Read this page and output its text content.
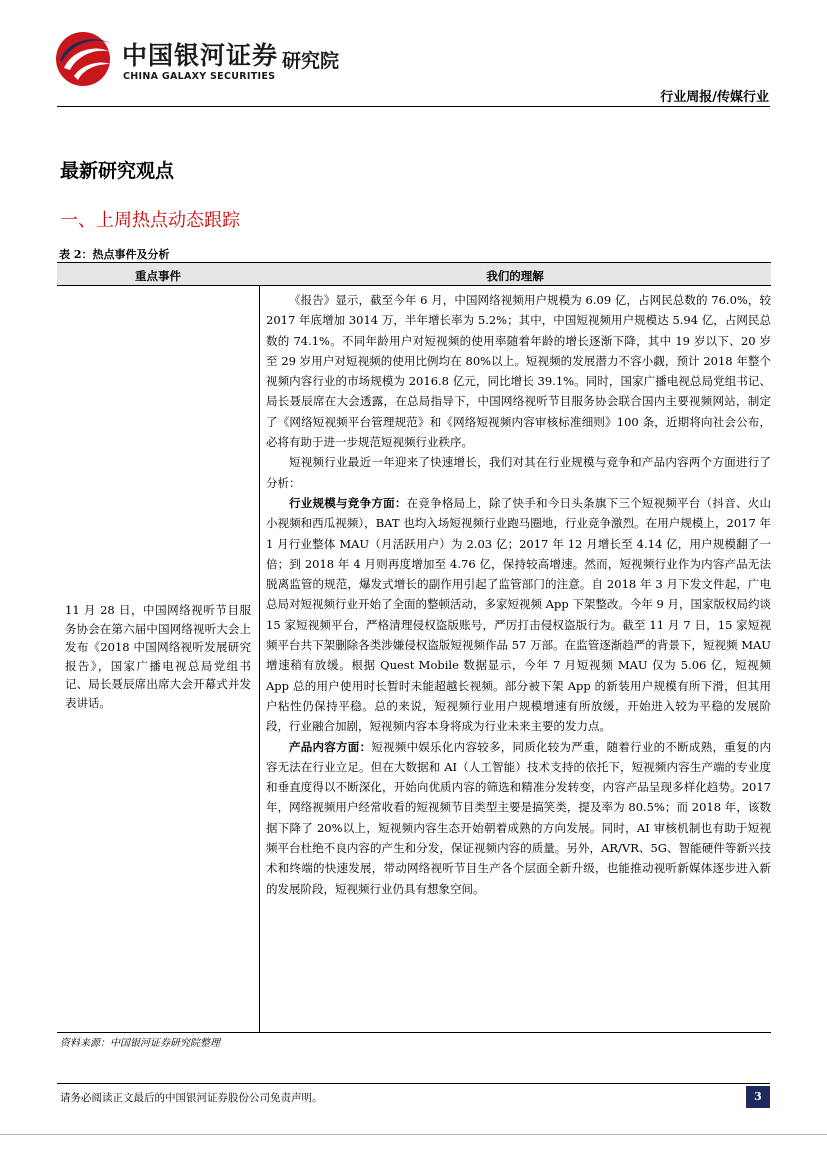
中国银河证券
CHINA GALAXY SECURITIES
研究院
行业周报/传媒行业
最新研究观点
一、上周热点动态跟踪
表 2：热点事件及分析
重点事件	我们的理解
11 月 28 日，中国网络视听节目服务协会在第六届中国网络视听大会上发布《2018 中国网络视听发展研究报告》，国家广播电视总局党组书记、局长聂辰席出席大会开幕式并发表讲话。

《报告》显示，截至今年 6 月，中国网络视频用户规模为 6.09 亿，占网民总数的 76.0%，较 2017 年底增加 3014 万，半年增长率为 5.2%；其中，中国短视频用户规模达 5.94 亿，占网民总数的 74.1%。不同年龄用户对短视频的使用率随着年龄的增长逐渐下降，其中 19 岁以下、20 岁至 29 岁用户对短视频的使用比例均在 80%以上。短视频的发展潜力不容小觑，预计 2018 年整个视频内容行业的市场规模为 2016.8 亿元，同比增长 39.1%。同时，国家广播电视总局党组书记、局长聂辰席在大会透露，在总局指导下，中国网络视听节目服务协会联合国内主要视频网站，制定了《网络短视频平台管理规范》和《网络短视频内容审核标准细则》100 条，近期将向社会公布，必将有助于进一步规范短视频行业秩序。

短视频行业最近一年迎来了快速增长，我们对其在行业规模与竞争和产品内容两个方面进行了分析：

行业规模与竞争方面：在竞争格局上，除了快手和今日头条旗下三个短视频平台（抖音、火山小视频和西瓜视频），BAT 也均入场短视频行业跑马圈地，行业竞争激烈。在用户规模上，2017 年 1 月行业整体 MAU（月活跃用户）为 2.03 亿；2017 年 12 月增长至 4.14 亿，用户规模翻了一倍；到 2018 年 4 月则再度增加至 4.76 亿，保持较高增速。然而，短视频行业作为内容产品无法脱离监管的规范，爆发式增长的副作用引起了监管部门的注意。自 2018 年 3 月下发文件起，广电总局对短视频行业开始了全面的整顿活动，多家短视频 App 下架整改。今年 9 月，国家版权局约谈 15 家短视频平台，严格清理侵权盗版账号，严厉打击侵权盗版行为。截至 11 月 7 日，15 家短视频平台共下架删除各类涉嫌侵权盗版短视频作品 57 万部。在监管逐渐趋严的背景下，短视频 MAU 增速稍有放缓。根据 Quest Mobile 数据显示，今年 7 月短视频 MAU 仅为 5.06 亿，短视频 App 总的用户使用时长暂时未能超越长视频。部分被下架 App 的新装用户规模有所下滑，但其用户粘性仍保持平稳。总的来说，短视频行业用户规模增速有所放缓，开始进入较为平稳的发展阶段，行业融合加剧，短视频内容本身将成为行业未来主要的发力点。

产品内容方面：短视频中娱乐化内容较多，同质化较为严重，随着行业的不断成熟，重复的内容无法在行业立足。但在大数据和 AI（人工智能）技术支持的依托下，短视频内容生产端的专业度和垂直度得以不断深化，开始向优质内容的筛选和精准分发转变，内容产品呈现多样化趋势。2017 年，网络视频用户经常收看的短视频节目类型主要是搞笑类，提及率为 80.5%；而 2018 年，该数据下降了 20%以上，短视频内容生态开始朝着成熟的方向发展。同时，AI 审核机制也有助于短视频平台杜绝不良内容的产生和分发，保证视频内容的质量。另外，AR/VR、5G、智能硬件等新兴技术和终端的快速发展，带动网络视听节目生产各个层面全新升级，也能推动视听新媒体逐步进入新的发展阶段，短视频行业仍具有想象空间。

资料来源：中国银河证券研究院整理
请务必阅读正文最后的中国银河证券股份公司免责声明。	3
